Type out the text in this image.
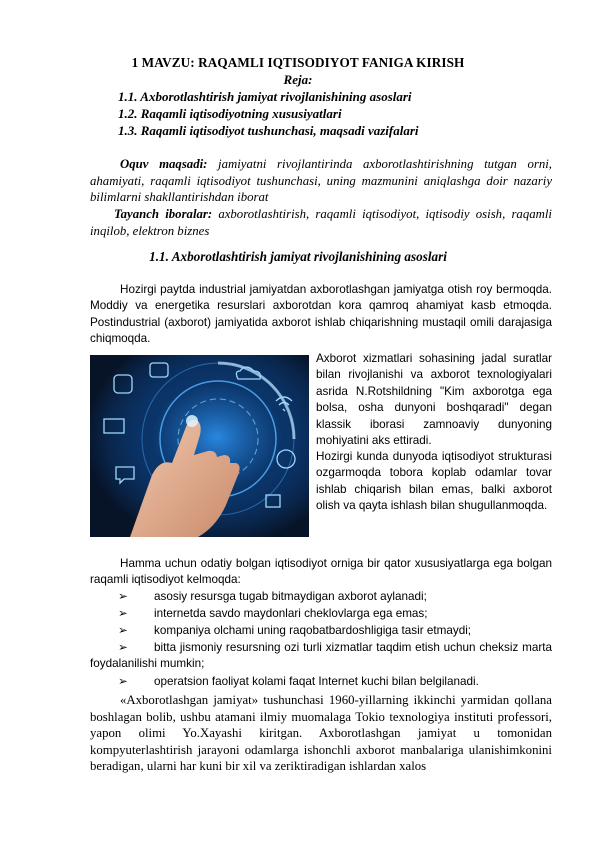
1 MAVZU: RAQAMLI IQTISODIYOT FANIGA KIRISH
Reja:
1.1. Axborotlashtirish jamiyat rivojlanishining asoslari
1.2. Raqamli iqtisodiyotning xususiyatlari
1.3. Raqamli iqtisodiyot tushunchasi, maqsadi vazifalari
Oquv maqsadi: jamiyatni rivojlantirinda axborotlashtirishning tutgan orni, ahamiyati, raqamli iqtisodiyot tushunchasi, uning mazmunini aniqlashga doir nazariy bilimlarni shakllantirishdan iborat
Tayanch iboralar: axborotlashtirish, raqamli iqtisodiyot, iqtisodiy osish, raqamli inqilob, elektron biznes
1.1. Axborotlashtirish jamiyat rivojlanishining asoslari
Hozirgi paytda industrial jamiyatdan axborotlashgan jamiyatga otish roy bermoqda. Moddiy va energetika resurslari axborotdan kora qamroq ahamiyat kasb etmoqda. Postindustrial (axborot) jamiyatida axborot ishlab chiqarishning mustaqil omili darajasiga chiqmoqda.
Axborot xizmatlari sohasining jadal suratlar bilan rivojlanishi va axborot texnologiyalari asrida N.Rotshildning "Kim axborotga ega bolsa, osha dunyoni boshqaradi" degan klassik iborasi zamnoaviy dunyoning mohiyatini aks ettiradi.
Hozirgi kunda dunyoda iqtisodiyot strukturasi ozgarmoqda tobora koplab odamlar tovar ishlab chiqarish bilan emas, balki axborot olish va qayta ishlash bilan shugullanmoqda.
Hamma uchun odatiy bolgan iqtisodiyot orniga bir qator xususiyatlarga ega bolgan raqamli iqtisodiyot kelmoqda:
➢	asosiy resursga tugab bitmaydigan axborot aylanadi;
➢	internetda savdo maydonlari cheklovlarga ega emas;
➢	kompaniya olchami uning raqobatbardoshligiga tasir etmaydi;
➢	bitta jismoniy resursning ozi turli xizmatlar taqdim etish uchun cheksiz marta foydalanilishi mumkin;
➢	operatsion faoliyat kolami faqat Internet kuchi bilan belgilanadi.
«Axborotlashgan jamiyat» tushunchasi 1960-yillarning ikkinchi yarmidan qollana boshlagan bolib, ushbu atamani ilmiy muomalaga Tokio texnologiya instituti professori, yapon olimi Yo.Xayashi kiritgan. Axborotlashgan jamiyat u tomonidan kompyuterlashtirish jarayoni odamlarga ishonchli axborot manbalariga ulanishimkonini beradigan, ularni har kuni bir xil va zeriktiradigan ishlardan xalos
